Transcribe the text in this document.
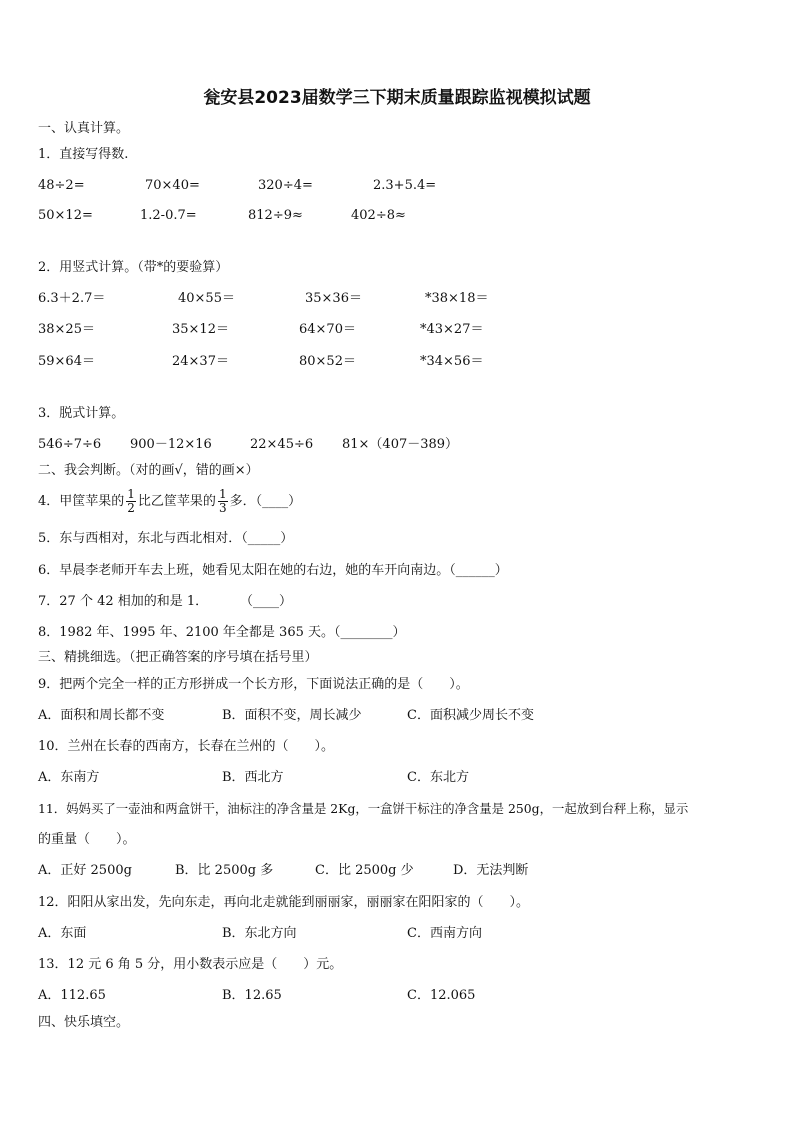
瓮安县2023届数学三下期末质量跟踪监视模拟试题
一、认真计算。
1．直接写得数.
48÷2=	70×40=	320÷4=	2.3+5.4=
50×12=	1.2-0.7=	812÷9≈	402÷8≈
2．用竖式计算。（带*的要验算）
6.3＋2.7＝	40×55＝	35×36＝	*38×18＝
38×25＝	35×12＝	64×70＝	*43×27＝
59×64＝	24×37＝	80×52＝	*34×56＝
3．脱式计算。
546÷7÷6 900－12×16	22×45÷6 81×（407－389）
二、我会判断。（对的画√，错的画×）
4．甲筐苹果的 $\frac{1}{2}$ 比乙筐苹果的 $\frac{1}{3}$ 多．（____）
5．东与西相对，东北与西北相对．（_____）
6．早晨李老师开车去上班，她看见太阳在她的右边，她的车开向南边。（______）
7．27 个 42 相加的和是 1． （____）
8．1982 年、1995 年、2100 年全都是 365 天。（________）
三、精挑细选。（把正确答案的序号填在括号里）
9．把两个完全一样的正方形拼成一个长方形，下面说法正确的是（　　）。
A．面积和周长都不变	B．面积不变，周长减少	C．面积减少周长不变
10．兰州在长春的西南方，长春在兰州的（　　）。
A．东南方	B．西北方	C．东北方
11．妈妈买了一壶油和两盒饼干，油标注的净含量是 2Kg，一盒饼干标注的净含量是 250g，一起放到台秤上称，显示
的重量（　　）。
A．正好 2500g	B．比 2500g 多	C．比 2500g 少	D．无法判断
12．阳阳从家出发，先向东走，再向北走就能到丽丽家，丽丽家在阳阳家的（　　）。
A．东面	B．东北方向	C．西南方向
13．12 元 6 角 5 分，用小数表示应是（　　）元。
A．112.65	B．12.65	C．12.065
四、快乐填空。
